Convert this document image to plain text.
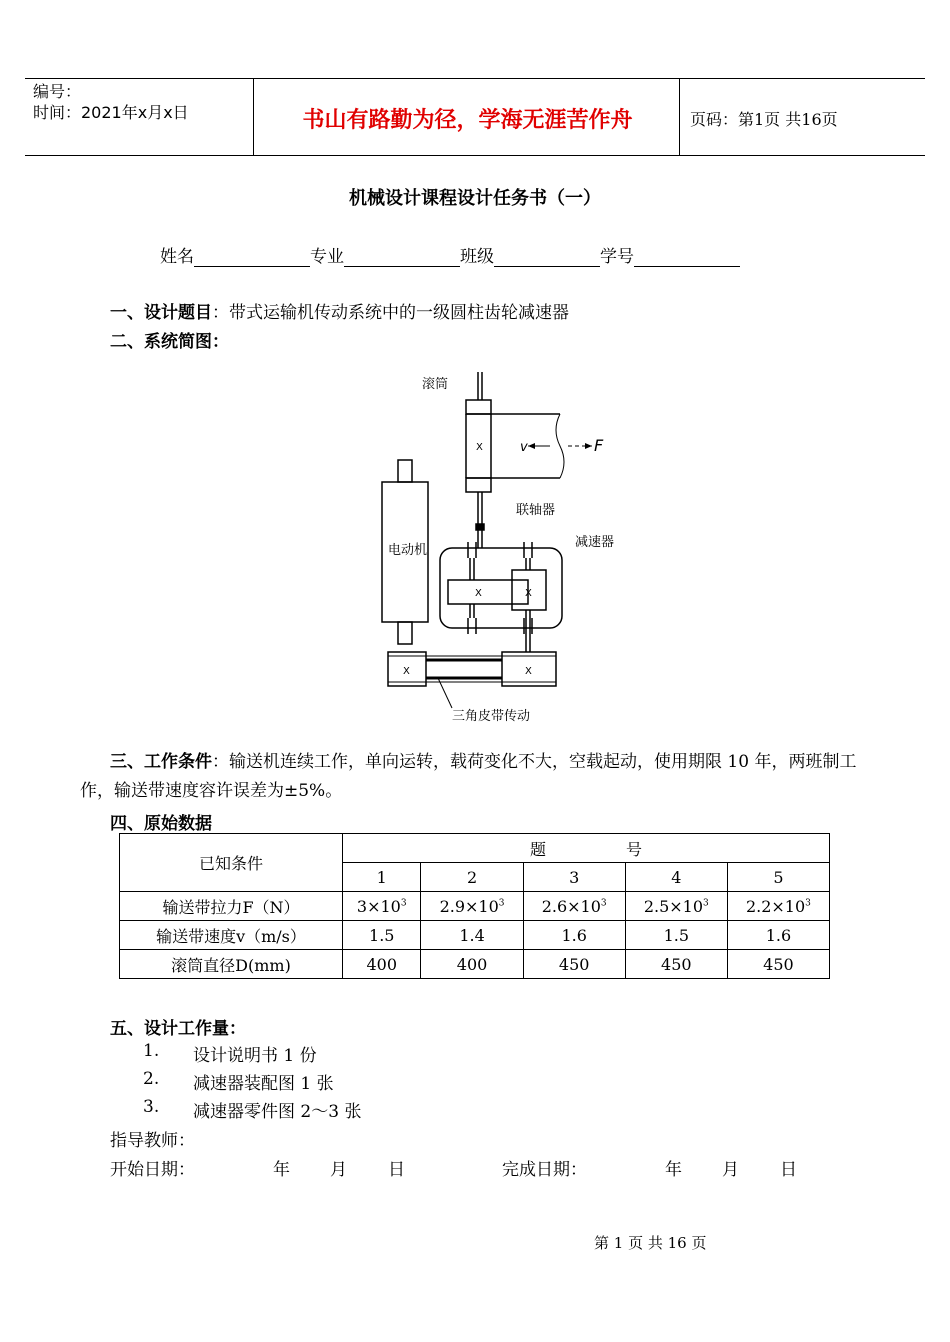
编号：
时间：2021年x月x日	书山有路勤为径，学海无涯苦作舟	页码：第1页 共16页
机械设计课程设计任务书（一）
姓名	专业	班级	学号
一、设计题目：带式运输机传动系统中的一级圆柱齿轮减速器
二、系统简图：
滚筒
联轴器
减速器
电动机
三角皮带传动
v	F
X
X	X
X	X
三、工作条件：输送机连续工作，单向运转，载荷变化不大，空载起动，使用期限 10 年，两班制工作，输送带速度容许误差为±5%。
四、原始数据
已知条件	题　　　　　号				
	1	2	3	4	5
输送带拉力F（N）	$3\times 10^3$	$2.9\times 10^3$	$2.6\times 10^3$	$2.5\times 10^3$	$2.2\times 10^3$
输送带速度v（m/s）	1.5	1.4	1.6	1.5	1.6
滚筒直径D(mm)	400	400	450	450	450
五、设计工作量：
1. 设计说明书 1 份
2. 减速器装配图 1 张
3. 减速器零件图 2～3 张
指导教师：
开始日期：	年 月 日	完成日期：	年 月 日
第 1 页 共 16 页
